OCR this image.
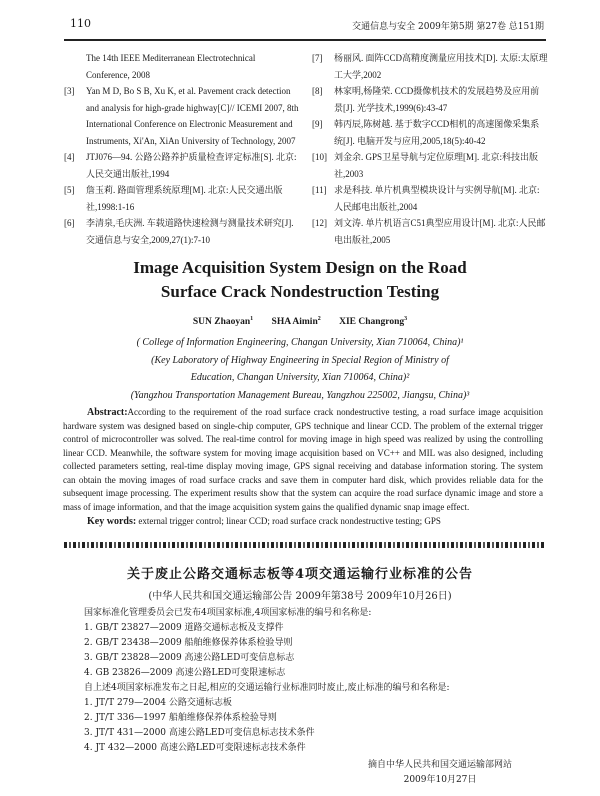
110	交通信息与安全 2009年第5期 第27卷 总151期
The 14th IEEE Mediterranean Electrotechnical Conference, 2008
[3]	Yan M D, Bo S B, Xu K, et al. Pavement crack detection and analysis for high-grade highway[C]// ICEMI 2007, 8th International Conference on Electronic Measurement and Instruments, Xi'An, XiAn University of Technology, 2007
[4]	JTJ076—94. 公路公路养护质量检查评定标准[S]. 北京:人民交通出版社,1994
[5]	詹玉莉. 路面管理系统原理[M]. 北京:人民交通出版社,1998:1-16
[6]	李清泉,毛庆洲. 车载道路快速检测与测量技术研究[J]. 交通信息与安全,2009,27(1):7-10
[7]	杨丽风. 面阵CCD高精度测量应用技术[D]. 太原:太原理工大学,2002
[8]	林家明,杨隆荣. CCD摄像机技术的发展趋势及应用前景[J]. 光学技术,1999(6):43-47
[9]	韩丙辰,陈树越. 基于数字CCD相机的高速图像采集系统[J]. 电脑开发与应用,2005,18(5):40-42
[10] 刘金余. GPS卫星导航与定位原理[M]. 北京:科技出版社,2003
[11] 求是科技. 单片机典型模块设计与实例导航[M]. 北京:人民邮电出版社,2004
[12] 刘文涛. 单片机语言C51典型应用设计[M]. 北京:人民邮电出版社,2005
Image Acquisition System Design on the Road
Surface Crack Nondestruction Testing
SUN Zhaoyan$^1$ SHA Aimin$^2$ XIE Changrong$^3$
( College of Information Engineering, Changan University, Xian 710064, China)¹
(Key Laboratory of Highway Engineering in Special Region of Ministry of
Education, Changan University, Xian 710064, China)²
(Yangzhou Transportation Management Bureau, Yangzhou 225002, Jiangsu, China)³
Abstract:According to the requirement of the road surface crack nondestructive testing, a road surface image acquisition hardware system was designed based on single-chip computer, GPS technique and linear CCD. The problem of the external trigger control of microcontroller was solved. The real-time control for moving image in high speed was realized by using the controlling linear CCD. Meanwhile, the software system for moving image acquisition based on VC++ and MIL was also designed, including collected parameters setting, real-time display moving image, GPS signal receiving and database information storing. The system can obtain the moving images of road surface cracks and save them in computer hard disk, which provides reliable data for the subsequent image processing. The experiment results show that the system can acquire the road surface dynamic image and store a mass of image information, and that the image acquisition system gains the qualified dynamic snap image effect.
Key words: external trigger control; linear CCD; road surface crack nondestructive testing; GPS
关于废止公路交通标志板等4项交通运输行业标准的公告
(中华人民共和国交通运输部公告 2009年第38号 2009年10月26日)
国家标准化管理委员会已发布4项国家标准,4项国家标准的编号和名称是:
1. GB/T 23827—2009 道路交通标志板及支撑件
2. GB/T 23438—2009 船舶维修保养体系检验导则
3. GB/T 23828—2009 高速公路LED可变信息标志
4. GB 23826—2009 高速公路LED可变限速标志
自上述4项国家标准发布之日起,相应的交通运输行业标准同时废止,废止标准的编号和名称是:
1. JT/T 279—2004 公路交通标志板
2. JT/T 336—1997 船舶维修保养体系检验导则
3. JT/T 431—2000 高速公路LED可变信息标志技术条件
4. JT 432—2000 高速公路LED可变限速标志技术条件
摘自中华人民共和国交通运输部网站
2009年10月27日
